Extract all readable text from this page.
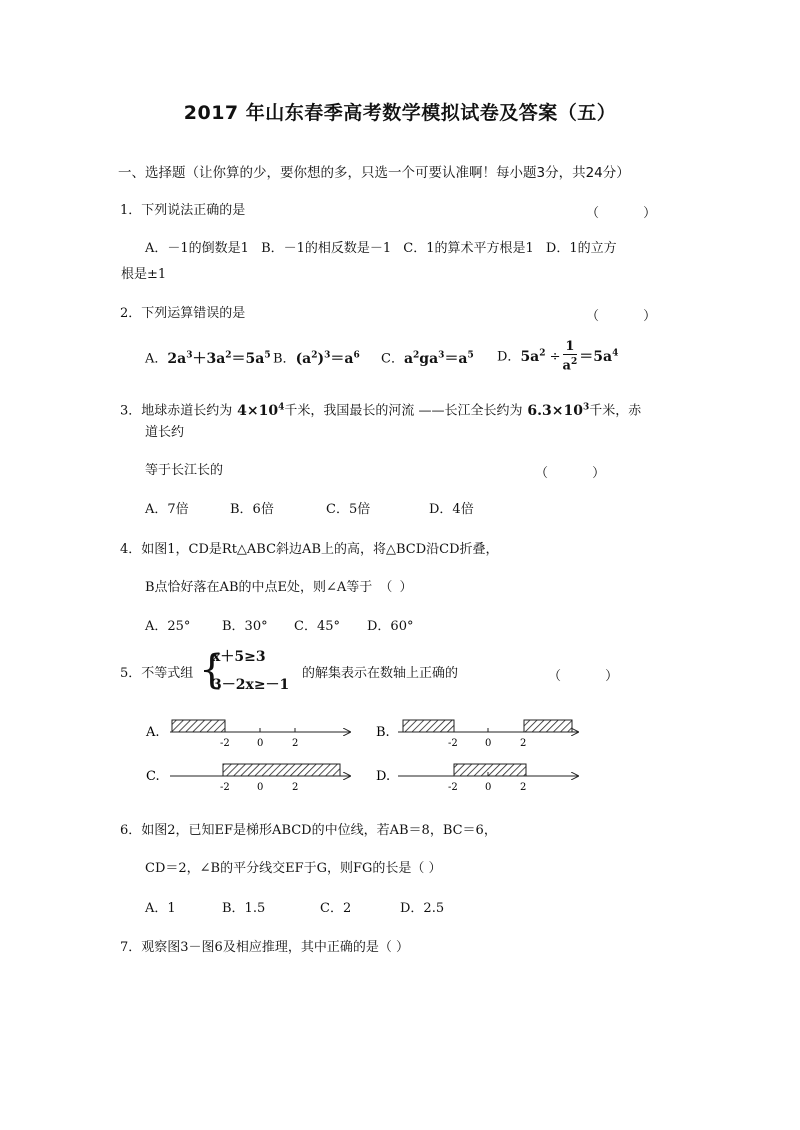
2017 年山东春季高考数学模拟试卷及答案（五）
一、选择题（让你算的少，要你想的多，只选一个可要认准啊！每小题3分，共24分）
1．下列说法正确的是	（ ）
A．－1的倒数是1 B．－1的相反数是－1 C．1的算术平方根是1 D．1的立方
根是±1
2．下列运算错误的是	（ ）
A．$2a^3+3a^2=5a^5$ B．$(a^2)^3=a^6$ C．$a^2ga^3=a^5$ D．$5a^2 \div \frac{1}{a^2} =5a^4$
3．地球赤道长约为 $4\times 10^4$千米，我国最长的河流 ——长江全长约为 $6.3\times 10^3$千米，赤
道长约
等于长江长的	（ ）
A．7倍	B．6倍	C．5倍	D．4倍
4．如图1，CD是Rt△ABC斜边AB上的高，将△BCD沿CD折叠，
B点恰好落在AB的中点E处，则∠A等于 （ ）
A．25° B．30° C．45° D．60°
5．不等式组 {
x＋5≥3
3－2x≥－1
的解集表示在数轴上正确的	（ ）
A.
-2	0	2
B.
-2	0	2
C.
-2	0	2
D.
-2	0	2
6．如图2，已知EF是梯形ABCD的中位线，若AB＝8，BC＝6，
CD＝2，∠B的平分线交EF于G，则FG的长是（ ）
A．1	B．1.5	C．2	D．2.5
7．观察图3－图6及相应推理，其中正确的是（ ）
